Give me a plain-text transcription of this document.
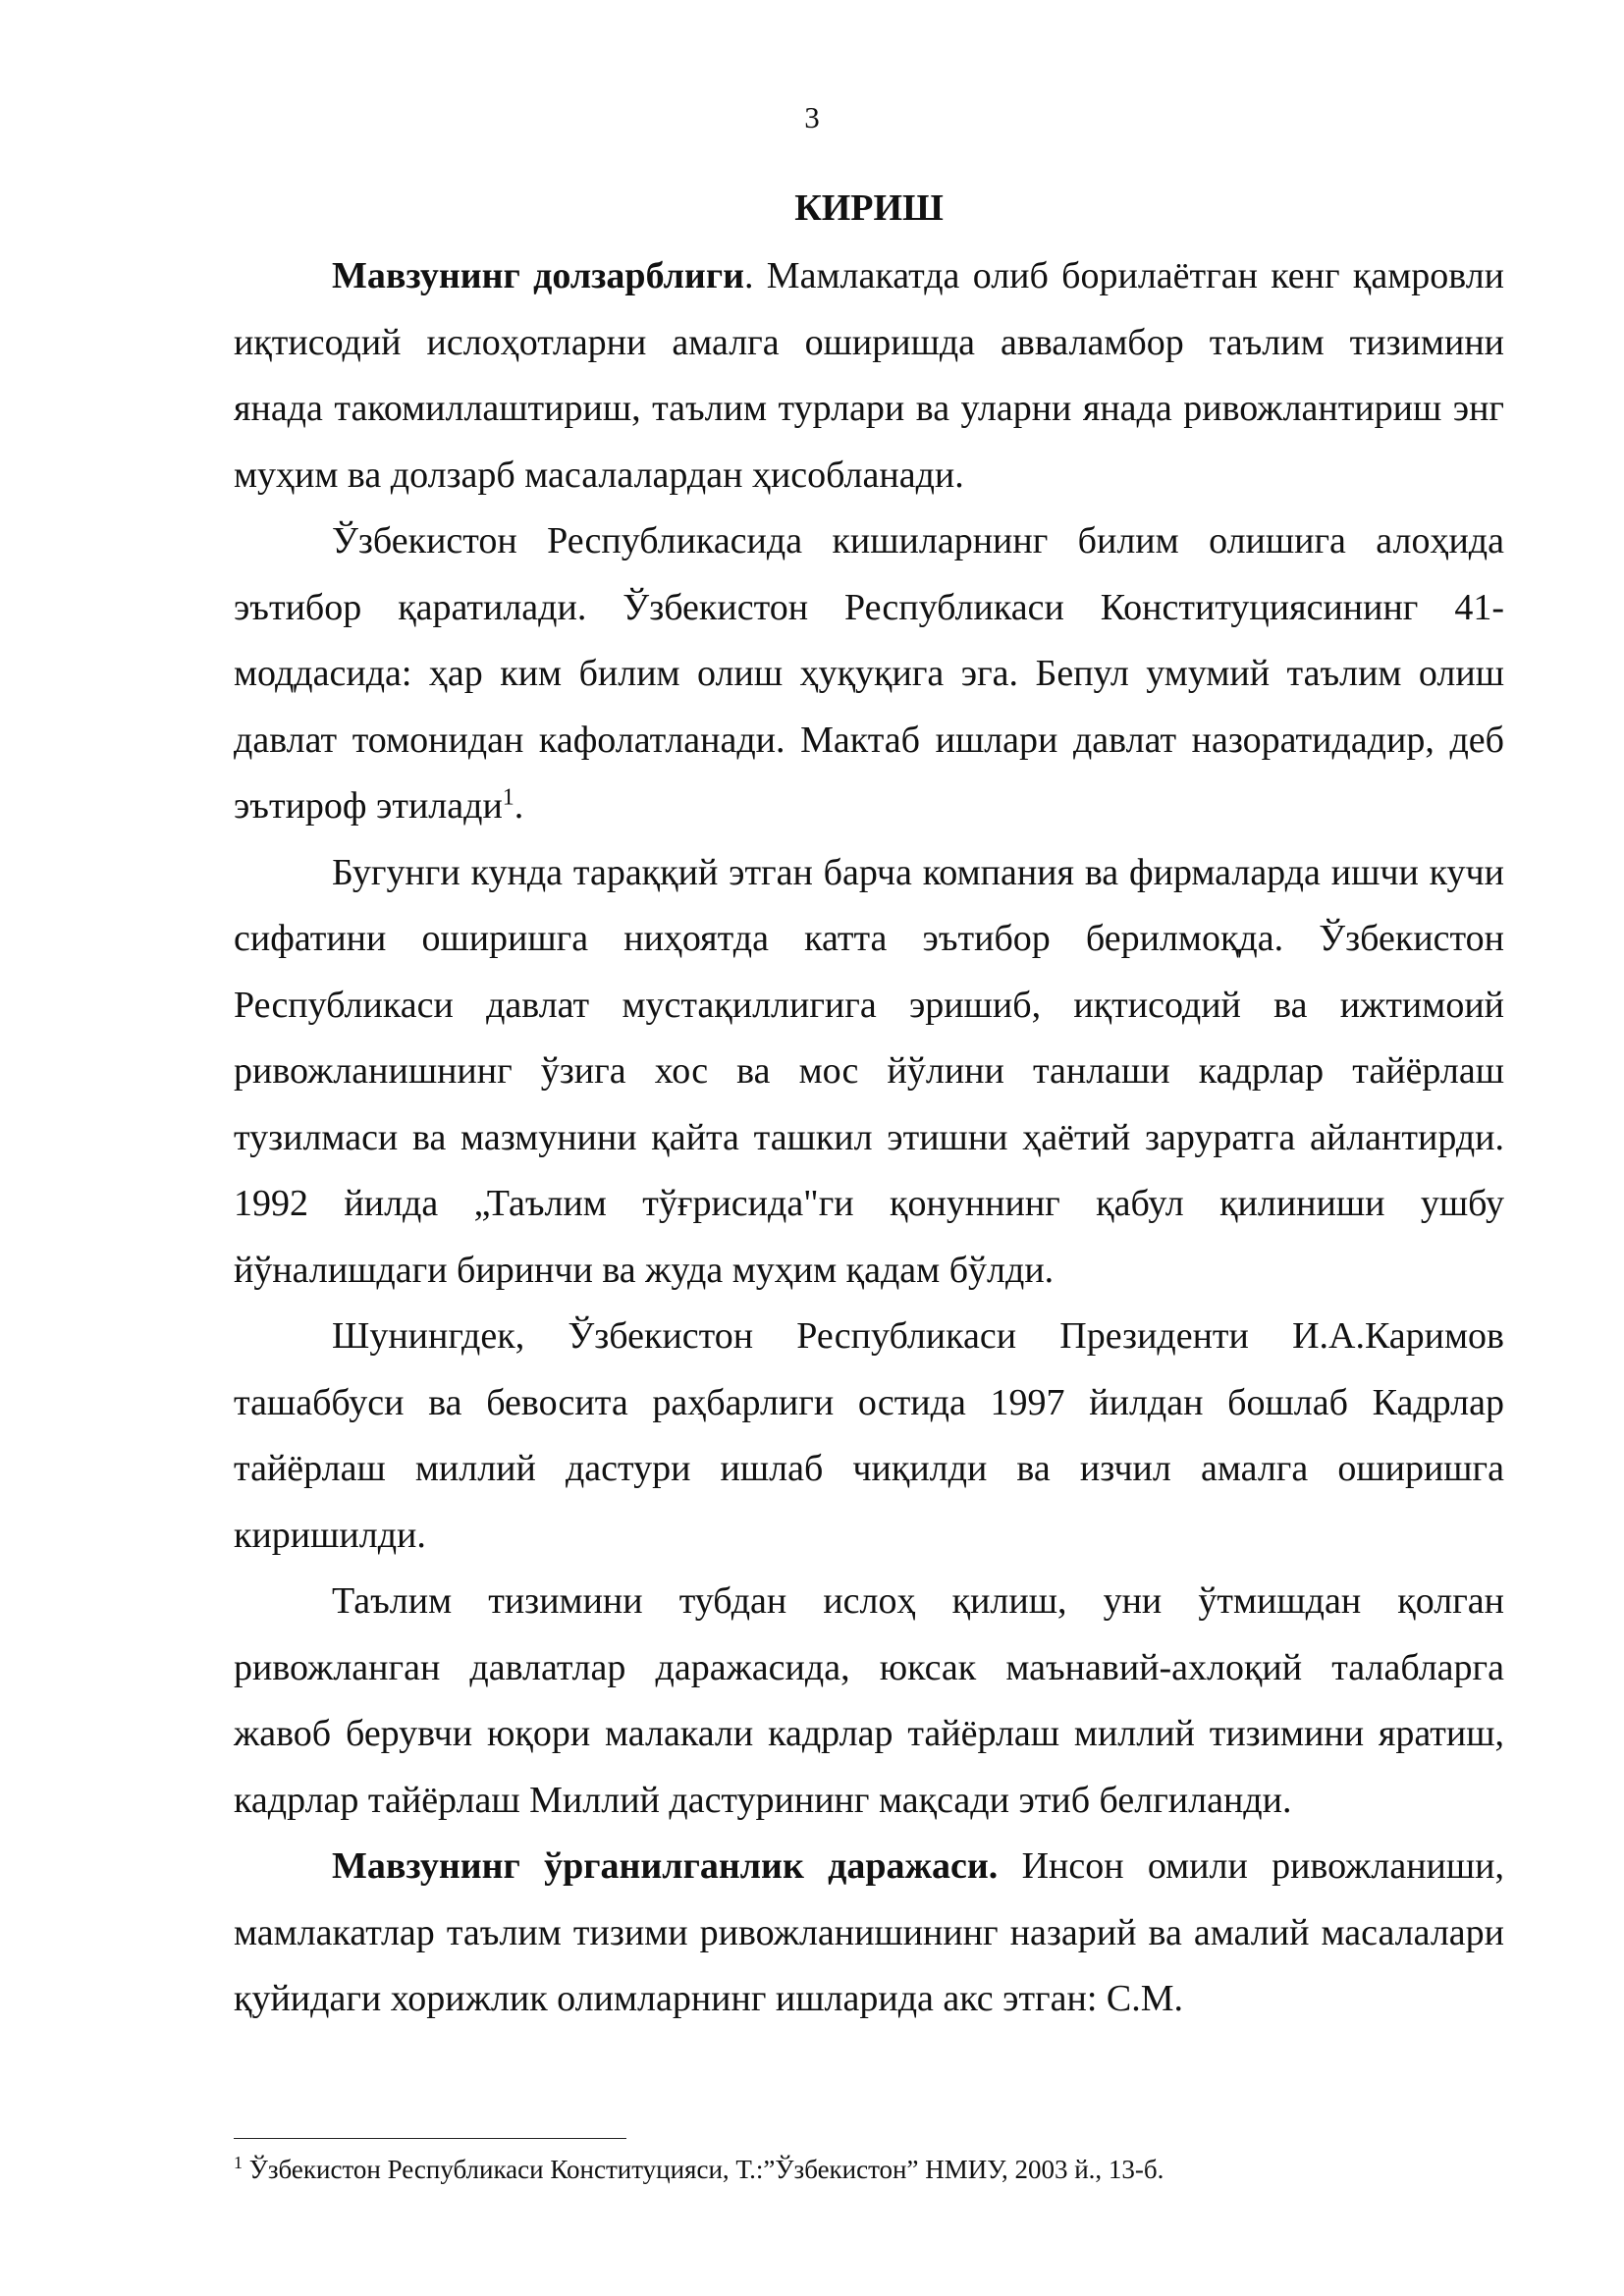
3
КИРИШ

Мавзунинг долзарблиги. Мамлакатда олиб борилаётган кенг қамровли иқтисодий ислоҳотларни амалга оширишда авваламбор таълим тизимини янада такомиллаштириш, таълим турлари ва уларни янада ривожлантириш энг муҳим ва долзарб масалалардан ҳисобланади.

Ўзбекистон Республикасида кишиларнинг билим олишига алоҳида эътибор қаратилади. Ўзбекистон Республикаси Конституциясининг 41-моддасида: ҳар ким билим олиш ҳуқуқига эга. Бепул умумий таълим олиш давлат томонидан кафолатланади. Мактаб ишлари давлат назоратидадир, деб эътироф этилади$^1$.

Бугунги кунда тараққий этган барча компания ва фирмаларда ишчи кучи сифатини оширишга ниҳоятда катта эътибор берилмоқда. Ўзбекистон Республикаси давлат мустақиллигига эришиб, иқтисодий ва ижтимоий ривожланишнинг ўзига хос ва мос йўлини танлаши кадрлар тайёрлаш тузилмаси ва мазмунини қайта ташкил этишни ҳаётий заруратга айлантирди. 1992 йилда „Таълим тўғрисида"ги қонуннинг қабул қилиниши ушбу йўналишдаги биринчи ва жуда муҳим қадам бўлди.

Шунингдек, Ўзбекистон Республикаси Президенти И.А.Каримов ташаббуси ва бевосита раҳбарлиги остида 1997 йилдан бошлаб Кадрлар тайёрлаш миллий дастури ишлаб чиқилди ва изчил амалга оширишга киришилди.

Таълим тизимини тубдан ислоҳ қилиш, уни ўтмишдан қолган ривожланган давлатлар даражасида, юксак маънавий-ахлоқий талабларга жавоб берувчи юқори малакали кадрлар тайёрлаш миллий тизимини яратиш, кадрлар тайёрлаш Миллий дастурининг мақсади этиб белгиланди.

Мавзунинг ўрганилганлик даражаси. Инсон омили ривожланиши, мамлакатлар таълим тизими ривожланишининг назарий ва амалий масалалари қуйидаги хорижлик олимларнинг ишларида акс этган: С.М.

$^1$ Ўзбекистон Республикаси Конституцияси, Т.:”Ўзбекистон” НМИУ, 2003 й., 13-б.
